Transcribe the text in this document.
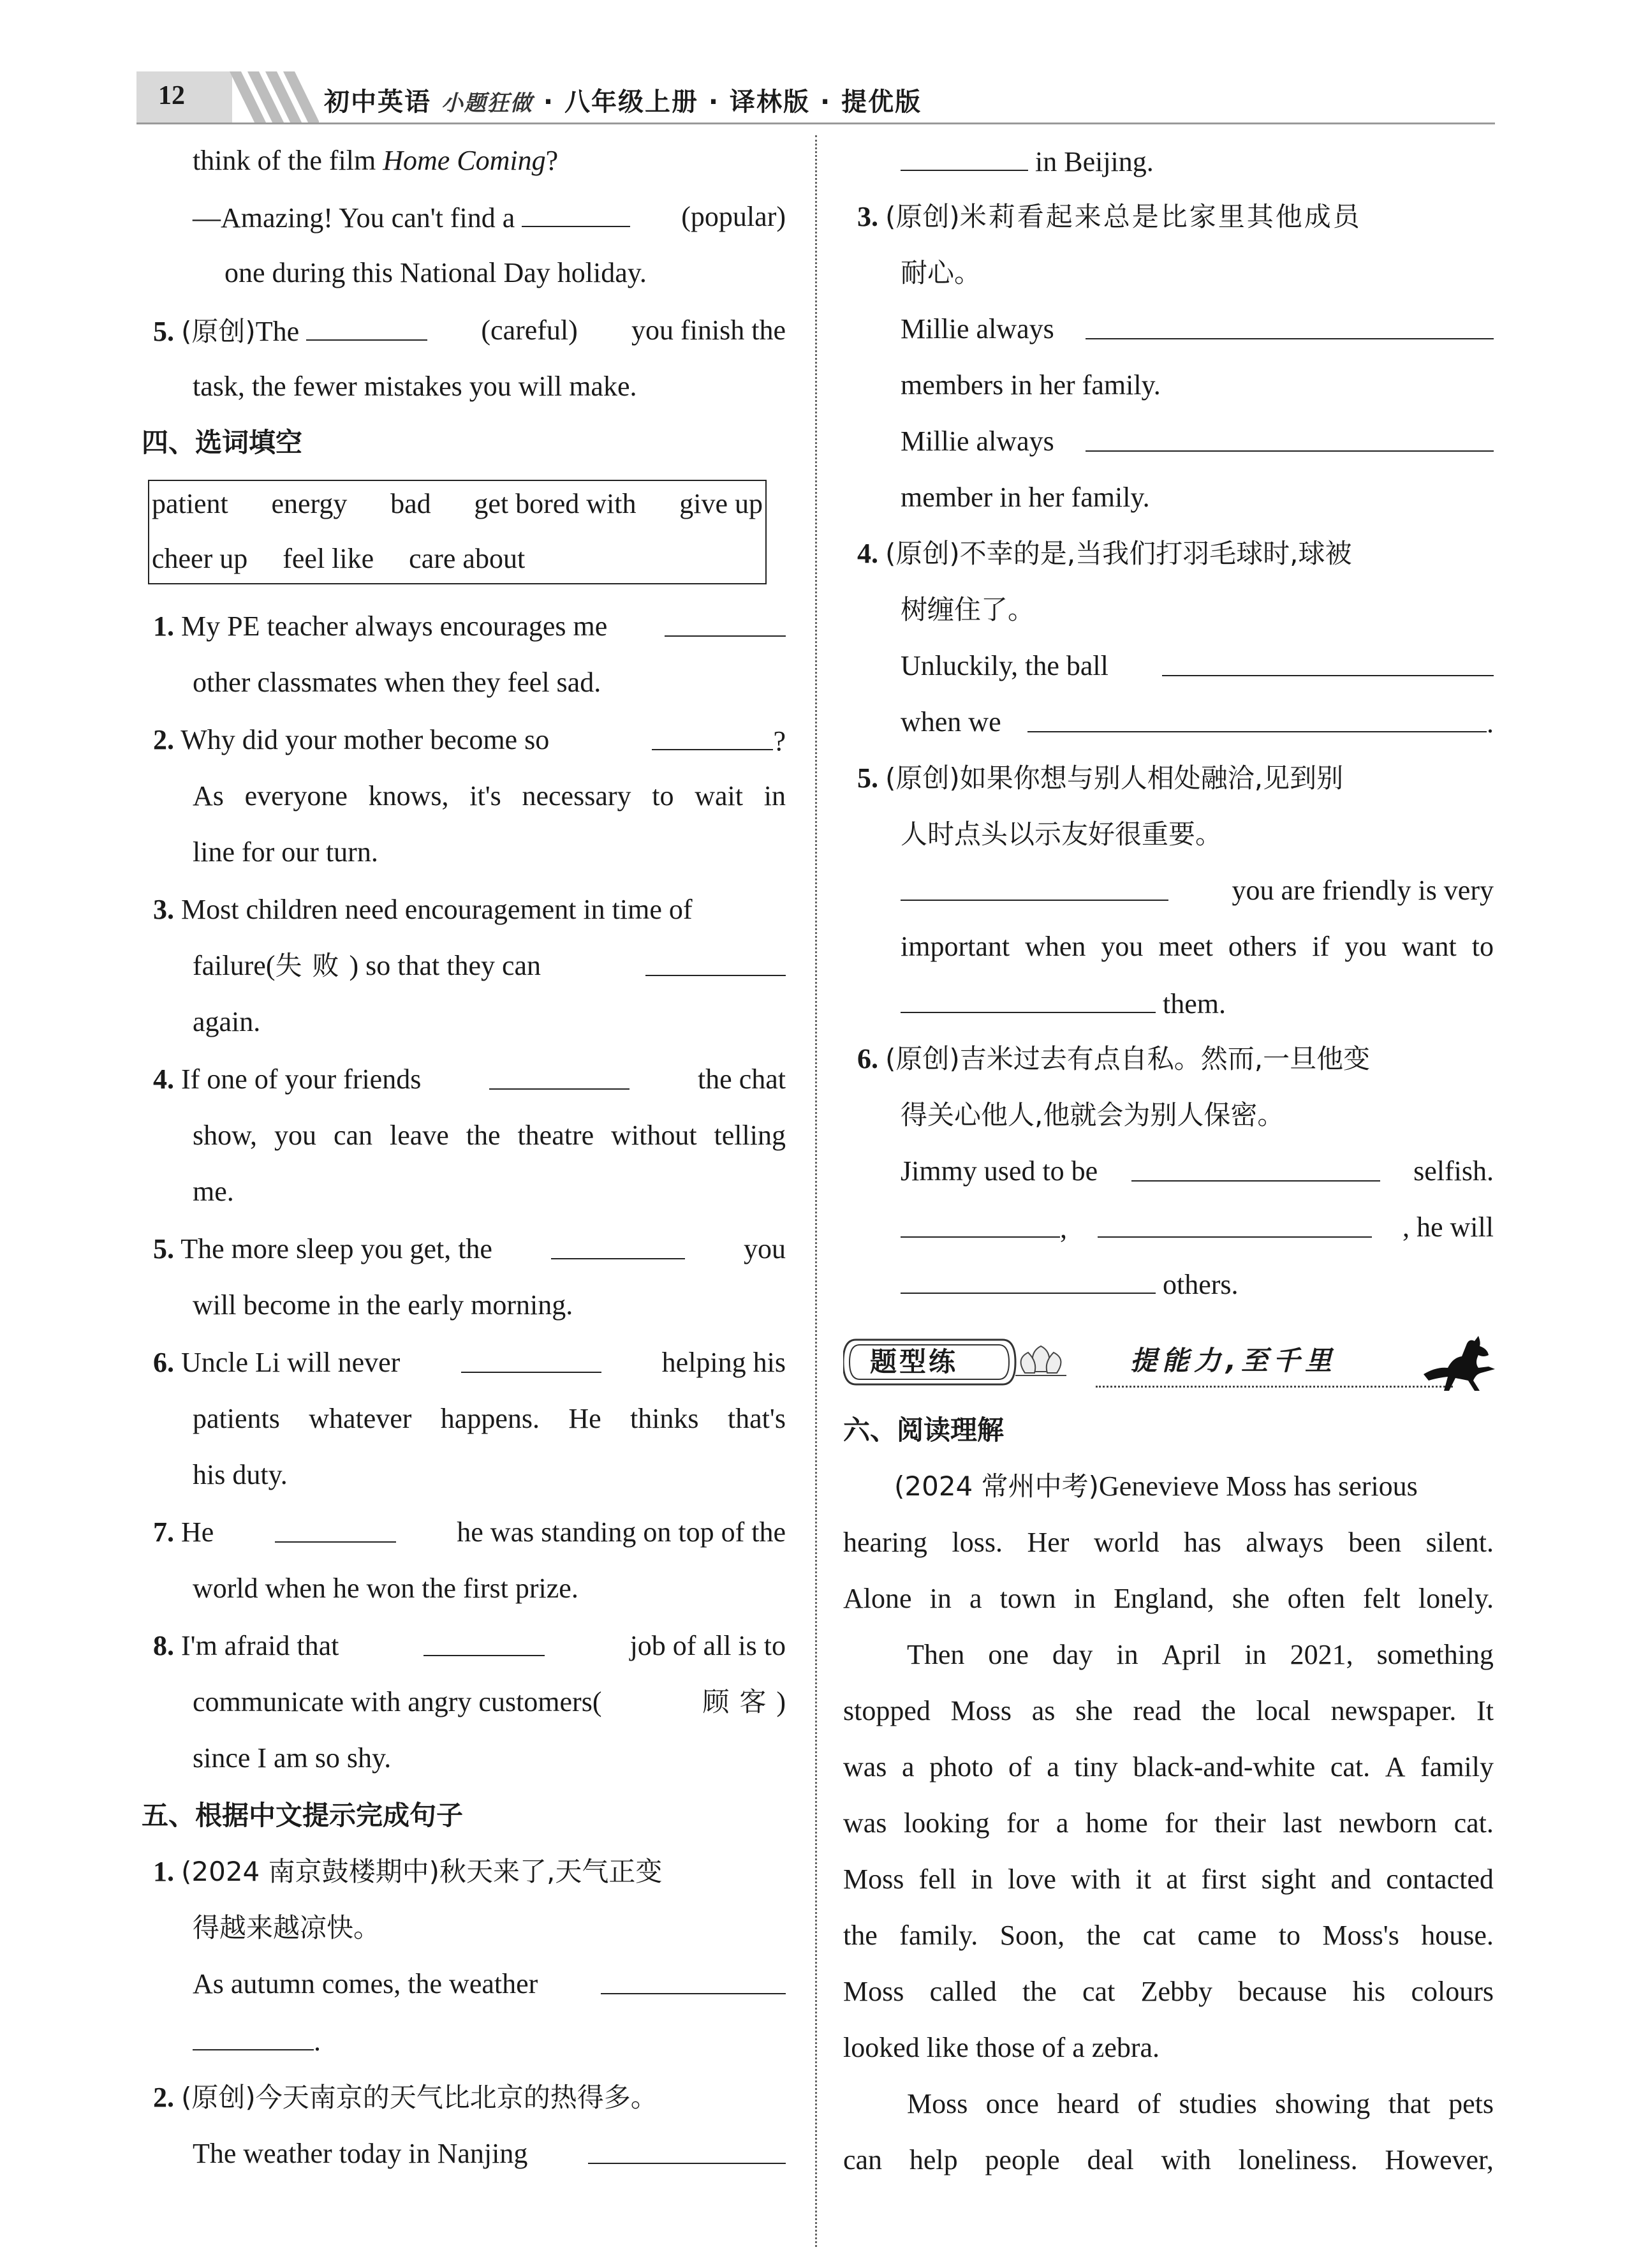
12	初中英语 小题狂做 · 八年级上册 · 译林版 · 提优版
think of the film Home Coming?
—Amazing! You can't find a	(popular)
one during this National Day holiday.
5. (原创)The	(careful) you finish the
task, the fewer mistakes you will make.
四、选词填空
patient energy bad get bored with give up
cheer up feel like care about
1. My PE teacher always encourages me
other classmates when they feel sad.
2. Why did your mother become so	?
As everyone knows, it's necessary to wait in
line for our turn.
3. Most children need encouragement in time of
failure(失败) so that they can
again.
4. If one of your friends	the chat
show, you can leave the theatre without telling
me.
5. The more sleep you get, the	you
will become in the early morning.
6. Uncle Li will never	helping his
patients whatever happens. He thinks that's
his duty.
7. He	he was standing on top of the
world when he won the first prize.
8. I'm afraid that	job of all is to
communicate with angry customers(	顾客)
since I am so shy.
五、根据中文提示完成句子
1. (2024 南京鼓楼期中)秋天来了,天气正变
得越来越凉快。
As autumn comes, the weather
.
2. (原创)今天南京的天气比北京的热得多。
The weather today in Nanjing
in Beijing.
3. (原创)米莉看起来总是比家里其他成员
耐心。
Millie always
members in her family.
Millie always
member in her family.
4. (原创)不幸的是,当我们打羽毛球时,球被
树缠住了。
Unluckily, the ball
when we	.
5. (原创)如果你想与别人相处融洽,见到别
人时点头以示友好很重要。
you are friendly is very
important when you meet others if you want to
them.
6. (原创)吉米过去有点自私。然而,一旦他变
得关心他人,他就会为别人保密。
Jimmy used to be	selfish.
,	, he will
others.
题型练	提能力,至千里
六、阅读理解
(2024 常州中考)Genevieve Moss has serious
hearing loss. Her world has always been silent.
Alone in a town in England, she often felt lonely.
Then one day in April in 2021, something
stopped Moss as she read the local newspaper. It
was a photo of a tiny black-and-white cat. A family
was looking for a home for their last newborn cat.
Moss fell in love with it at first sight and contacted
the family. Soon, the cat came to Moss's house.
Moss called the cat Zebby because his colours
looked like those of a zebra.
Moss once heard of studies showing that pets
can help people deal with loneliness. However,
